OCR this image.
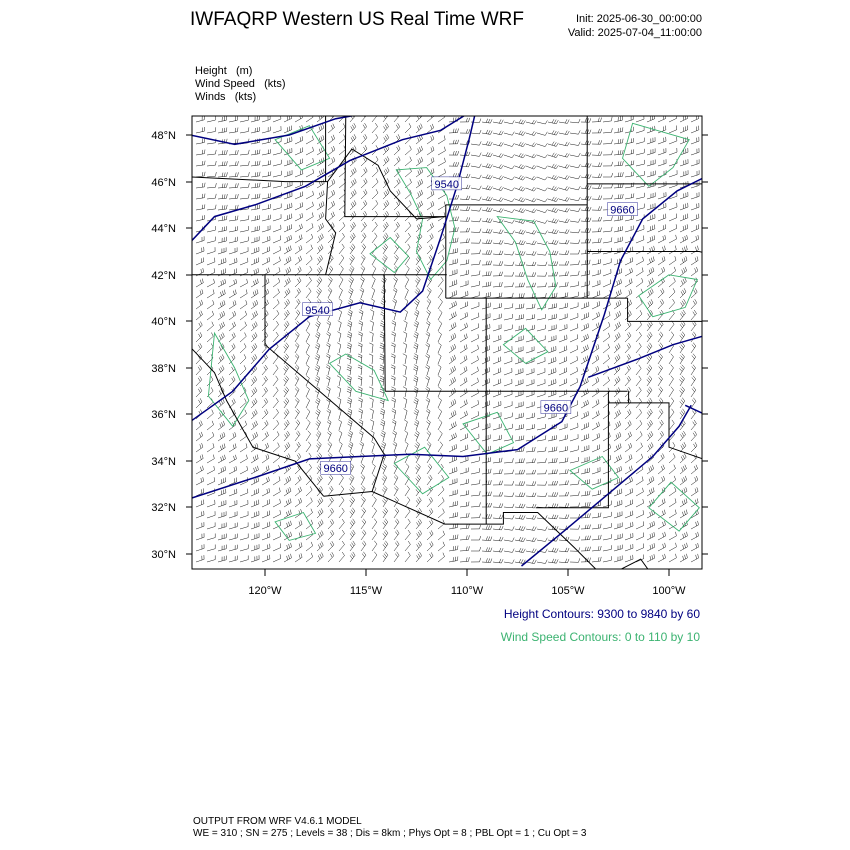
IWFAQRP Western US Real Time WRF	Init: 2025-06-30_00:00:00
Valid: 2025-07-04_11:00:00
Height (m)
Wind Speed (kts)
Winds (kts)
9540
9660
9540
9660
9660
48°N
46°N
44°N
42°N
40°N
38°N
36°N
34°N
32°N
30°N
120°W	115°W	110°W	105°W	100°W
Height Contours: 9300 to 9840 by 60
Wind Speed Contours: 0 to 110 by 10
OUTPUT FROM WRF V4.6.1 MODEL
WE = 310 ; SN = 275 ; Levels = 38 ; Dis = 8km ; Phys Opt = 8 ; PBL Opt = 1 ; Cu Opt = 3
